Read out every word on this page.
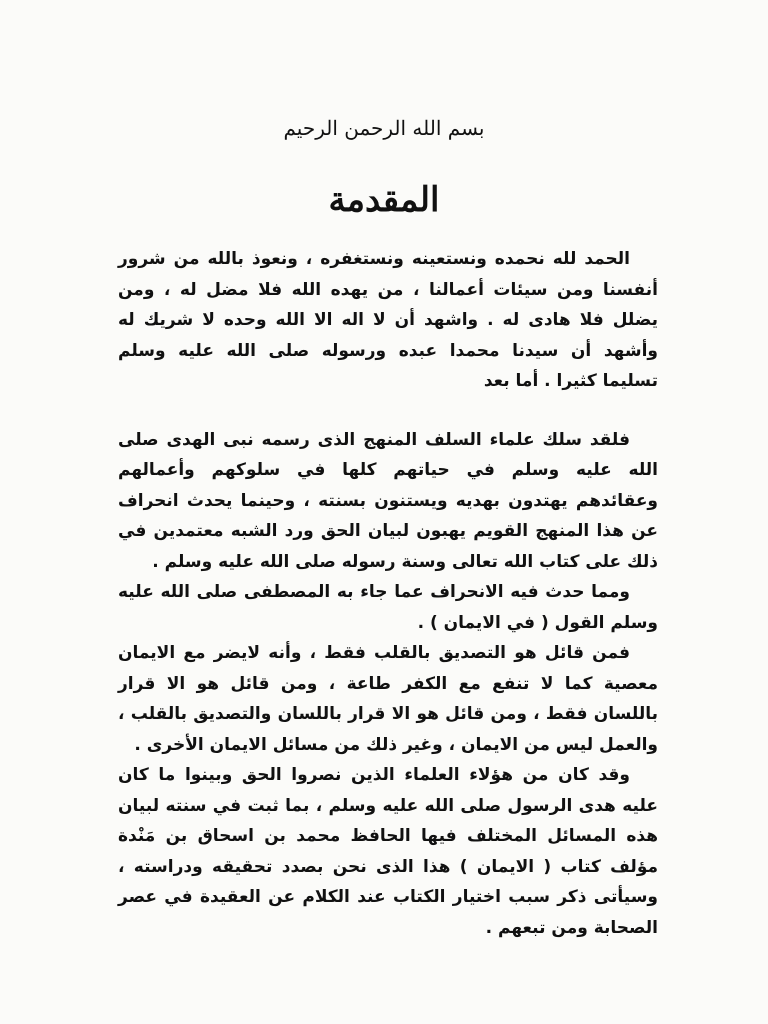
بسم الله الرحمن الرحيم
المقدمة

الحمد لله نحمده ونستعينه ونستغفره ، ونعوذ بالله من شرور أنفسنا ومن سيئات أعمالنا ، من يهده الله فلا مضل له ، ومن يضلل فلا هادى له . واشهد أن لا اله الا الله وحده لا شريك له وأشهد أن سيدنا محمدا عبده ورسوله صلى الله عليه وسلم تسليما كثيرا . أما بعد

فلقد سلك علماء السلف المنهج الذى رسمه نبى الهدى صلى الله عليه وسلم في حياتهم كلها في سلوكهم وأعمالهم وعقائدهم يهتدون بهديه ويستنون بسنته ، وحينما يحدث انحراف عن هذا المنهج القويم يهبون لبيان الحق ورد الشبه معتمدين في ذلك على كتاب الله تعالى وسنة رسوله صلى الله عليه وسلم .

ومما حدث فيه الانحراف عما جاء به المصطفى صلى الله عليه وسلم القول ( في الايمان ) .

فمن قائل هو التصديق بالقلب فقط ، وأنه لايضر مع الايمان معصية كما لا تنفع مع الكفر طاعة ، ومن قائل هو الا قرار باللسان فقط ، ومن قائل هو الا قرار باللسان والتصديق بالقلب ، والعمل ليس من الايمان ، وغير ذلك من مسائل الايمان الأخرى .

وقد كان من هؤلاء العلماء الذين نصروا الحق وبينوا ما كان عليه هدى الرسول صلى الله عليه وسلم ، بما ثبت في سنته لبيان هذه المسائل المختلف فيها الحافظ محمد بن اسحاق بن مَنْدة مؤلف كتاب ( الايمان ) هذا الذى نحن بصدد تحقيقه ودراسته ، وسيأتى ذكر سبب اختيار الكتاب عند الكلام عن العقيدة في عصر الصحابة ومن تبعهم .
